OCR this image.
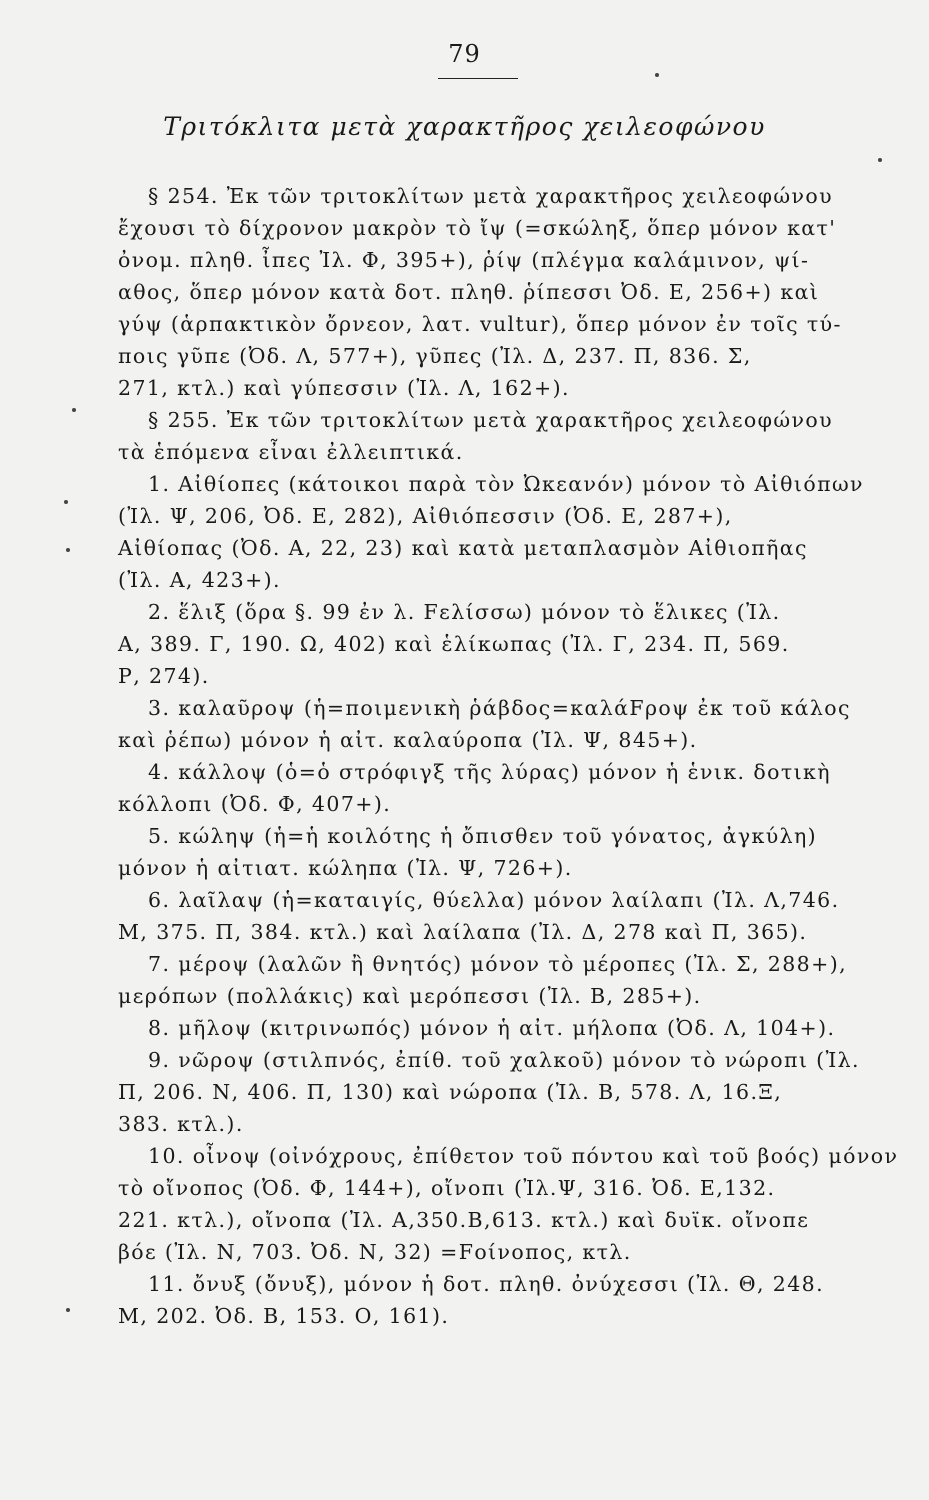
79
Τριτόκλιτα μετὰ χαρακτῆρος χειλεοφώνου
§ 254. Ἐκ τῶν τριτοκλίτων μετὰ χαρακτῆρος χειλεοφώνου
ἔχουσι τὸ δίχρονον μακρὸν τὸ ἴψ (=σκώληξ, ὅπερ μόνον κατ'
ὀνομ. πληθ. ἶπες Ἰλ. Φ, 395+), ῥίψ (πλέγμα καλάμινον, ψί-
αθος, ὅπερ μόνον κατὰ δοτ. πληθ. ῥίπεσσι Ὀδ. Ε, 256+) καὶ
γύψ (ἁρπακτικὸν ὄρνεον, λατ. vultur), ὅπερ μόνον ἐν τοῖς τύ-
ποις γῦπε (Ὀδ. Λ, 577+), γῦπες (Ἰλ. Δ, 237. Π, 836. Σ,
271, κτλ.) καὶ γύπεσσιν (Ἰλ. Λ, 162+).
§ 255. Ἐκ τῶν τριτοκλίτων μετὰ χαρακτῆρος χειλεοφώνου
τὰ ἑπόμενα εἶναι ἐλλειπτικά.
1. Αἰθίοπες (κάτοικοι παρὰ τὸν Ὠκεανόν) μόνον τὸ Αἰθιόπων
(Ἰλ. Ψ, 206, Ὀδ. Ε, 282), Αἰθιόπεσσιν (Ὀδ. Ε, 287+),
Αἰθίοπας (Ὀδ. Α, 22, 23) καὶ κατὰ μεταπλασμὸν Αἰθιοπῆας
(Ἰλ. Α, 423+).
2. ἕλιξ (ὅρα §. 99 ἐν λ. Fελίσσω) μόνον τὸ ἕλικες (Ἰλ.
Α, 389. Γ, 190. Ω, 402) καὶ ἑλίκωπας (Ἰλ. Γ, 234. Π, 569.
Ρ, 274).
3. καλαῦροψ (ἡ=ποιμενικὴ ῥάβδος=καλάFροψ ἐκ τοῦ κάλος
καὶ ῥέπω) μόνον ἡ αἰτ. καλαύροπα (Ἰλ. Ψ, 845+).
4. κάλλοψ (ὁ=ὁ στρόφιγξ τῆς λύρας) μόνον ἡ ἑνικ. δοτικὴ
κόλλοπι (Ὀδ. Φ, 407+).
5. κώληψ (ἡ=ἡ κοιλότης ἡ ὄπισθεν τοῦ γόνατος, ἀγκύλη)
μόνον ἡ αἰτιατ. κώληπα (Ἰλ. Ψ, 726+).
6. λαῖλαψ (ἡ=καταιγίς, θύελλα) μόνον λαίλαπι (Ἰλ. Λ,746.
Μ, 375. Π, 384. κτλ.) καὶ λαίλαπα (Ἰλ. Δ, 278 καὶ Π, 365).
7. μέροψ (λαλῶν ἢ θνητός) μόνον τὸ μέροπες (Ἰλ. Σ, 288+),
μερόπων (πολλάκις) καὶ μερόπεσσι (Ἰλ. Β, 285+).
8. μῆλοψ (κιτρινωπός) μόνον ἡ αἰτ. μήλοπα (Ὀδ. Λ, 104+).
9. νῶροψ (στιλπνός, ἐπίθ. τοῦ χαλκοῦ) μόνον τὸ νώροπι (Ἰλ.
Π, 206. Ν, 406. Π, 130) καὶ νώροπα (Ἰλ. Β, 578. Λ, 16.Ξ,
383. κτλ.).
10. οἶνοψ (οἰνόχρους, ἐπίθετον τοῦ πόντου καὶ τοῦ βοός) μόνον
τὸ οἴνοπος (Ὀδ. Φ, 144+), οἴνοπι (Ἰλ.Ψ, 316. Ὀδ. Ε,132.
221. κτλ.), οἴνοπα (Ἰλ. Α,350.Β,613. κτλ.) καὶ δυϊκ. οἴνοπε
βόε (Ἰλ. Ν, 703. Ὀδ. Ν, 32) =Fοίνοπος, κτλ.
11. ὄνυξ (ὄνυξ), μόνον ἡ δοτ. πληθ. ὀνύχεσσι (Ἰλ. Θ, 248.
Μ, 202. Ὀδ. Β, 153. Ο, 161).
